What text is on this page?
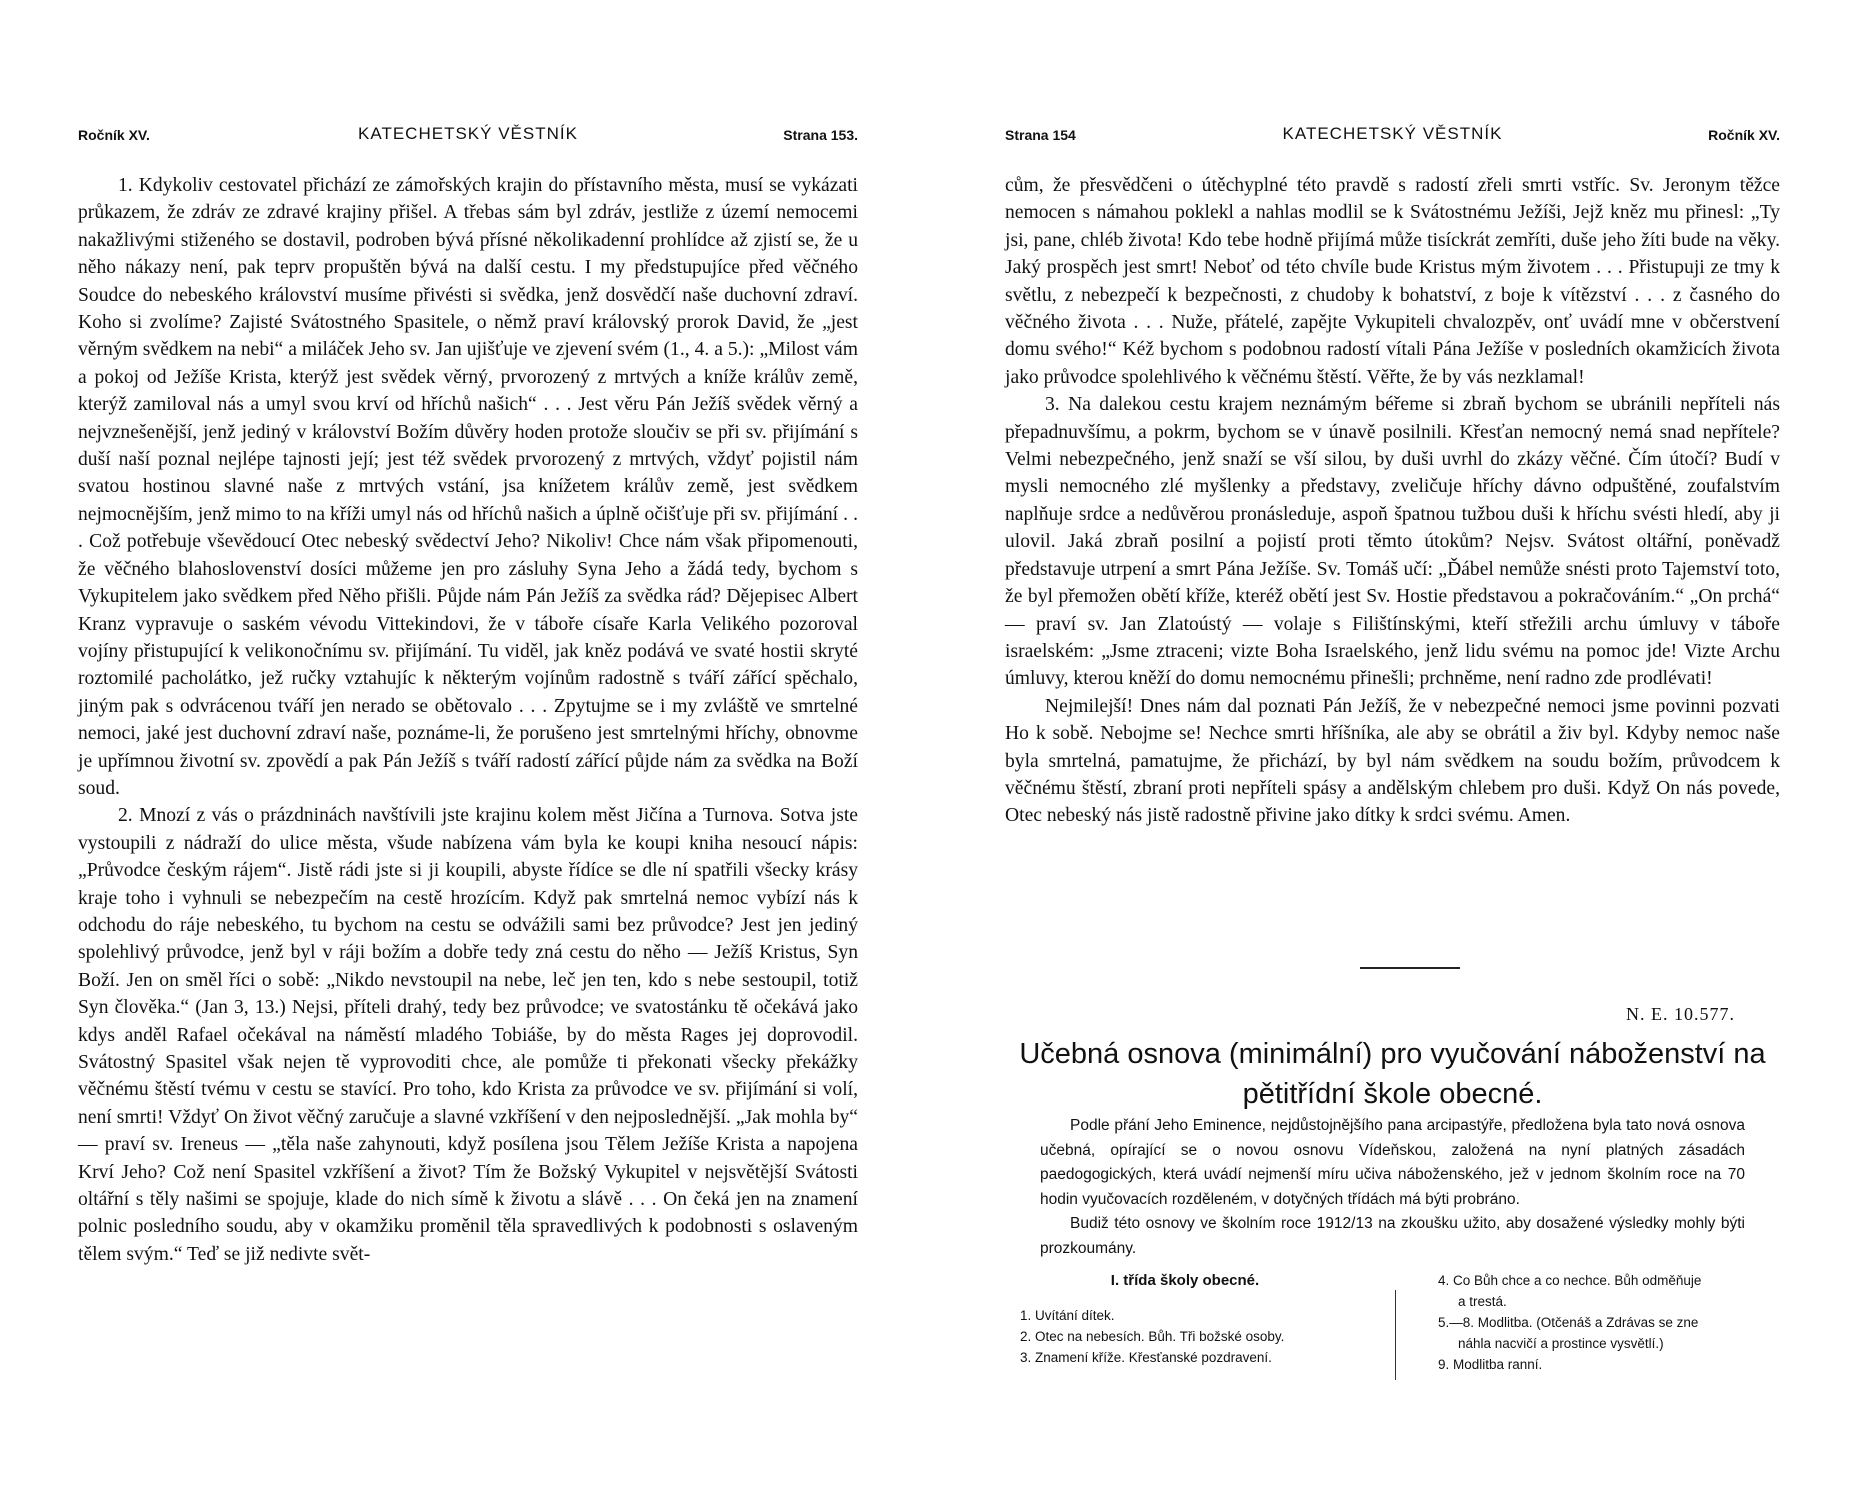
Ročník XV.	KATECHETSKÝ VĚSTNÍK	Strana 153.

1. Kdykoliv cestovatel přichází ze zámořských krajin do přístavního města, musí se vykázati průkazem, že zdráv ze zdravé krajiny přišel. A třebas sám byl zdráv, jestliže z území nemocemi nakažlivými stiženého se dostavil, podroben bývá přísné několikadenní prohlídce až zjistí se, že u něho nákazy není, pak teprv propuštěn bývá na další cestu. I my předstupujíce před věčného Soudce do nebeského království musíme přivésti si svědka, jenž dosvědčí naše duchovní zdraví. Koho si zvolíme? Zajisté Svátostného Spasitele, o němž praví královský prorok David, že „jest věrným svědkem na nebi“ a miláček Jeho sv. Jan ujišťuje ve zjevení svém (1., 4. a 5.): „Milost vám a pokoj od Ježíše Krista, kterýž jest svědek věrný, prvorozený z mrtvých a kníže králův země, kterýž zamiloval nás a umyl svou krví od hříchů našich“ . . . Jest věru Pán Ježíš svědek věrný a nejvznešenější, jenž jediný v království Božím důvěry hoden protože sloučiv se při sv. přijímání s duší naší poznal nejlépe tajnosti její; jest též svědek prvorozený z mrtvých, vždyť pojistil nám svatou hostinou slavné naše z mrtvých vstání, jsa knížetem králův země, jest svědkem nejmocnějším, jenž mimo to na kříži umyl nás od hříchů našich a úplně očišťuje při sv. přijímání . . . Což potřebuje vševědoucí Otec nebeský svědectví Jeho? Nikoliv! Chce nám však připomenouti, že věčného blahoslovenství dosíci můžeme jen pro zásluhy Syna Jeho a žádá tedy, bychom s Vykupitelem jako svědkem před Něho přišli. Půjde nám Pán Ježíš za svědka rád? Dějepisec Albert Kranz vypravuje o saském vévodu Vittekindovi, že v táboře císaře Karla Velikého pozoroval vojíny přistupující k velikonočnímu sv. přijímání. Tu viděl, jak kněz podává ve svaté hostii skryté roztomilé pacholátko, jež ručky vztahujíc k některým vojínům radostně s tváří zářící spěchalo, jiným pak s odvrácenou tváří jen nerado se obětovalo . . . Zpytujme se i my zvláště ve smrtelné nemoci, jaké jest duchovní zdraví naše, poznáme-li, že porušeno jest smrtelnými hříchy, obnovme je upřímnou životní sv. zpovědí a pak Pán Ježíš s tváří radostí zářící půjde nám za svědka na Boží soud.

2. Mnozí z vás o prázdninách navštívili jste krajinu kolem měst Jičína a Turnova. Sotva jste vystoupili z nádraží do ulice města, všude nabízena vám byla ke koupi kniha nesoucí nápis: „Průvodce českým rájem“. Jistě rádi jste si ji koupili, abyste řídíce se dle ní spatřili všecky krásy kraje toho i vyhnuli se nebezpečím na cestě hrozícím. Když pak smrtelná nemoc vybízí nás k odchodu do ráje nebeského, tu bychom na cestu se odvážili sami bez průvodce? Jest jen jediný spolehlivý průvodce, jenž byl v ráji božím a dobře tedy zná cestu do něho — Ježíš Kristus, Syn Boží. Jen on směl říci o sobě: „Nikdo nevstoupil na nebe, leč jen ten, kdo s nebe sestoupil, totiž Syn člověka.“ (Jan 3, 13.) Nejsi, příteli drahý, tedy bez průvodce; ve svatostánku tě očekává jako kdys anděl Rafael očekával na náměstí mladého Tobiáše, by do města Rages jej doprovodil. Svátostný Spasitel však nejen tě vyprovoditi chce, ale pomůže ti překonati všecky překážky věčnému štěstí tvému v cestu se stavící. Pro toho, kdo Krista za průvodce ve sv. přijímání si volí, není smrti! Vždyť On život věčný zaručuje a slavné vzkříšení v den nejposlednější. „Jak mohla by“ — praví sv. Ireneus — „těla naše zahynouti, když posílena jsou Tělem Ježíše Krista a napojena Krví Jeho? Což není Spasitel vzkříšení a život? Tím že Božský Vykupitel v nejsvětější Svátosti oltářní s těly našimi se spojuje, klade do nich símě k životu a slávě . . . On čeká jen na znamení polnic posledního soudu, aby v okamžiku proměnil těla spravedlivých k podobnosti s oslaveným tělem svým.“ Teď se již nedivte svět-

Strana 154	KATECHETSKÝ VĚSTNÍK	Ročník XV.

cům, že přesvědčeni o útěchyplné této pravdě s radostí zřeli smrti vstříc. Sv. Jeronym těžce nemocen s námahou poklekl a nahlas modlil se k Svátostnému Ježíši, Jejž kněz mu přinesl: „Ty jsi, pane, chléb života! Kdo tebe hodně přijímá může tisíckrát zemříti, duše jeho žíti bude na věky. Jaký prospěch jest smrt! Neboť od této chvíle bude Kristus mým životem . . . Přistupuji ze tmy k světlu, z nebezpečí k bezpečnosti, z chudoby k bohatství, z boje k vítězství . . . z časného do věčného života . . . Nuže, přátelé, zapějte Vykupiteli chvalozpěv, onť uvádí mne v občerstvení domu svého!“ Kéž bychom s podobnou radostí vítali Pána Ježíše v posledních okamžicích života jako průvodce spolehlivého k věčnému štěstí. Věřte, že by vás nezklamal!

3. Na dalekou cestu krajem neznámým béřeme si zbraň bychom se ubránili nepříteli nás přepadnuvšímu, a pokrm, bychom se v únavě posilnili. Křesťan nemocný nemá snad nepřítele? Velmi nebezpečného, jenž snaží se vší silou, by duši uvrhl do zkázy věčné. Čím útočí? Budí v mysli nemocného zlé myšlenky a představy, zveličuje hříchy dávno odpuštěné, zoufalstvím naplňuje srdce a nedůvěrou pronásleduje, aspoň špatnou tužbou duši k hříchu svésti hledí, aby ji ulovil. Jaká zbraň posilní a pojistí proti těmto útokům? Nejsv. Svátost oltářní, poněvadž představuje utrpení a smrt Pána Ježíše. Sv. Tomáš učí: „Ďábel nemůže snésti proto Tajemství toto, že byl přemožen obětí kříže, kteréž obětí jest Sv. Hostie představou a pokračováním.“ „On prchá“ — praví sv. Jan Zlatoústý — volaje s Filištínskými, kteří střežili archu úmluvy v táboře israelském: „Jsme ztraceni; vizte Boha Israelského, jenž lidu svému na pomoc jde! Vizte Archu úmluvy, kterou kněží do domu nemocnému přinešli; prchněme, není radno zde prodlévati!

Nejmilejší! Dnes nám dal poznati Pán Ježíš, že v nebezpečné nemoci jsme povinni pozvati Ho k sobě. Nebojme se! Nechce smrti hříšníka, ale aby se obrátil a živ byl. Kdyby nemoc naše byla smrtelná, pamatujme, že přichází, by byl nám svědkem na soudu božím, průvodcem k věčnému štěstí, zbraní proti nepříteli spásy a andělským chlebem pro duši. Když On nás povede, Otec nebeský nás jistě radostně přivine jako dítky k srdci svému. Amen.

N. E. 10.577.
Učebná osnova (minimální) pro vyučování náboženství na pětitřídní škole obecné.

Podle přání Jeho Eminence, nejdůstojnějšího pana arcipastýře, předložena byla tato nová osnova učebná, opírající se o novou osnovu Vídeňskou, založená na nyní platných zásadách paedogogických, která uvádí nejmenší míru učiva náboženského, jež v jednom školním roce na 70 hodin vyučovacích rozděleném, v dotyčných třídách má býti probráno.

Budiž této osnovy ve školním roce 1912/13 na zkoušku užito, aby dosažené výsledky mohly býti prozkoumány.

I. třída školy obecné.
1. Uvítání dítek.
2. Otec na nebesích. Bůh. Tři božské osoby.
3. Znamení kříže. Křesťanské pozdravení.
4. Co Bůh chce a co nechce. Bůh odměňuje
a trestá.
5.—8. Modlitba. (Otčenáš a Zdrávas se zne
náhla nacvičí a prostince vysvětlí.)
9. Modlitba ranní.
